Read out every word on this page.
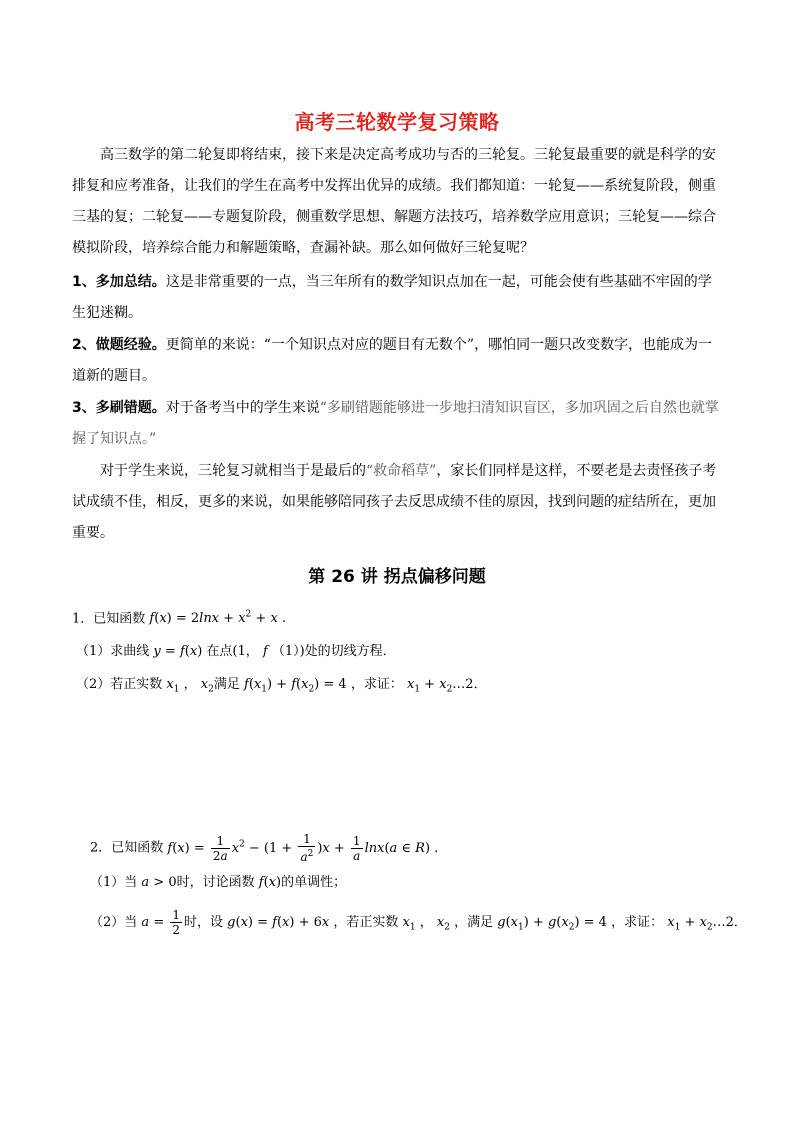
高考三轮数学复习策略
高三数学的第二轮复即将结束，接下来是决定高考成功与否的三轮复。三轮复最重要的就是科学的安排复和应考准备，让我们的学生在高考中发挥出优异的成绩。我们都知道：一轮复——系统复阶段，侧重三基的复；二轮复——专题复阶段，侧重数学思想、解题方法技巧，培养数学应用意识；三轮复——综合模拟阶段，培养综合能力和解题策略，查漏补缺。那么如何做好三轮复呢？
1、多加总结。这是非常重要的一点，当三年所有的数学知识点加在一起，可能会使有些基础不牢固的学生犯迷糊。
2、做题经验。更简单的来说：“一个知识点对应的题目有无数个”，哪怕同一题只改变数字，也能成为一道新的题目。
3、多刷错题。对于备考当中的学生来说“多刷错题能够进一步地扫清知识盲区，多加巩固之后自然也就掌握了知识点。”
对于学生来说，三轮复习就相当于是最后的“救命稻草”，家长们同样是这样，不要老是去责怪孩子考试成绩不佳，相反，更多的来说，如果能够陪同孩子去反思成绩不佳的原因，找到问题的症结所在，更加重要。
第 26 讲 拐点偏移问题
1．已知函数 $f(x) = 2\ln x + x^2 + x$ .
（1）求曲线 y = f(x) 在点(1， f （1）)处的切线方程．
（2）若正实数 $x_1$ ， $x_2$满足 $f(x_1) + f(x_2) = 4$ ，求证： $x_1$ + $x_2\dots 2$．
2．已知函数 $f(x) = \frac{1}{2a} x^2 - (1 + \frac{1}{a^2} )x + \frac{1}{a} \ln x(a$ ∈ R) .
（1）当 a > 0时，讨论函数 f(x)的单调性；
（2）当 $a = \frac{1}{2}$ 时，设 g(x) = f(x) + 6x ，若正实数 $x_1$ ， $x_2$ ，满足 $g(x_1) + g(x_2) = 4$ ，求证： $x_1$ + $x_2\dots 2$．
